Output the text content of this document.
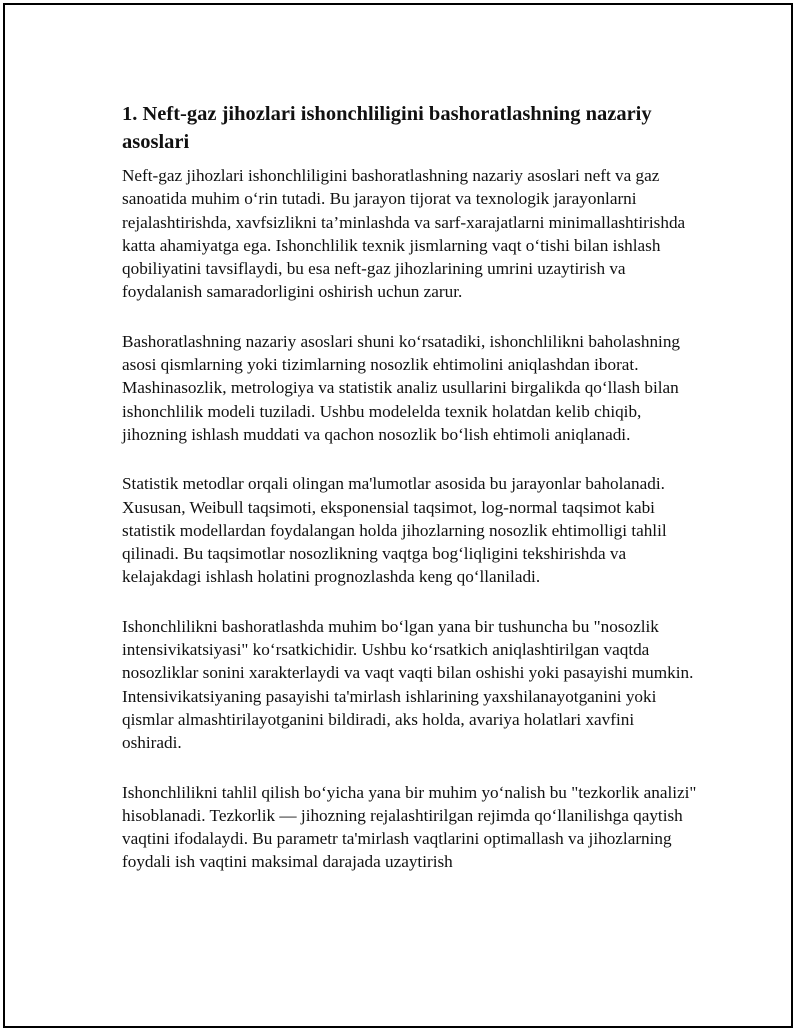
1. Neft-gaz jihozlari ishonchliligini bashoratlashning nazariy asoslari

Neft-gaz jihozlari ishonchliligini bashoratlashning nazariy asoslari neft va gaz sanoatida muhim o‘rin tutadi. Bu jarayon tijorat va texnologik jarayonlarni rejalashtirishda, xavfsizlikni ta’minlashda va sarf-xarajatlarni minimallashtirishda katta ahamiyatga ega. Ishonchlilik texnik jismlarning vaqt o‘tishi bilan ishlash qobiliyatini tavsiflaydi, bu esa neft-gaz jihozlarining umrini uzaytirish va foydalanish samaradorligini oshirish uchun zarur.

Bashoratlashning nazariy asoslari shuni ko‘rsatadiki, ishonchlilikni baholashning asosi qismlarning yoki tizimlarning nosozlik ehtimolini aniqlashdan iborat. Mashinasozlik, metrologiya va statistik analiz usullarini birgalikda qo‘llash bilan ishonchlilik modeli tuziladi. Ushbu modelelda texnik holatdan kelib chiqib, jihozning ishlash muddati va qachon nosozlik bo‘lish ehtimoli aniqlanadi.

Statistik metodlar orqali olingan ma'lumotlar asosida bu jarayonlar baholanadi. Xususan, Weibull taqsimoti, eksponensial taqsimot, log-normal taqsimot kabi statistik modellardan foydalangan holda jihozlarning nosozlik ehtimolligi tahlil qilinadi. Bu taqsimotlar nosozlikning vaqtga bog‘liqligini tekshirishda va kelajakdagi ishlash holatini prognozlashda keng qo‘llaniladi.

Ishonchlilikni bashoratlashda muhim bo‘lgan yana bir tushuncha bu "nosozlik intensivikatsiyasi" ko‘rsatkichidir. Ushbu ko‘rsatkich aniqlashtirilgan vaqtda nosozliklar sonini xarakterlaydi va vaqt vaqti bilan oshishi yoki pasayishi mumkin. Intensivikatsiyaning pasayishi ta'mirlash ishlarining yaxshilanayotganini yoki qismlar almashtirilayotganini bildiradi, aks holda, avariya holatlari xavfini oshiradi.

Ishonchlilikni tahlil qilish bo‘yicha yana bir muhim yo‘nalish bu "tezkorlik analizi" hisoblanadi. Tezkorlik — jihozning rejalashtirilgan rejimda qo‘llanilishga qaytish vaqtini ifodalaydi. Bu parametr ta'mirlash vaqtlarini optimallash va jihozlarning foydali ish vaqtini maksimal darajada uzaytirish
